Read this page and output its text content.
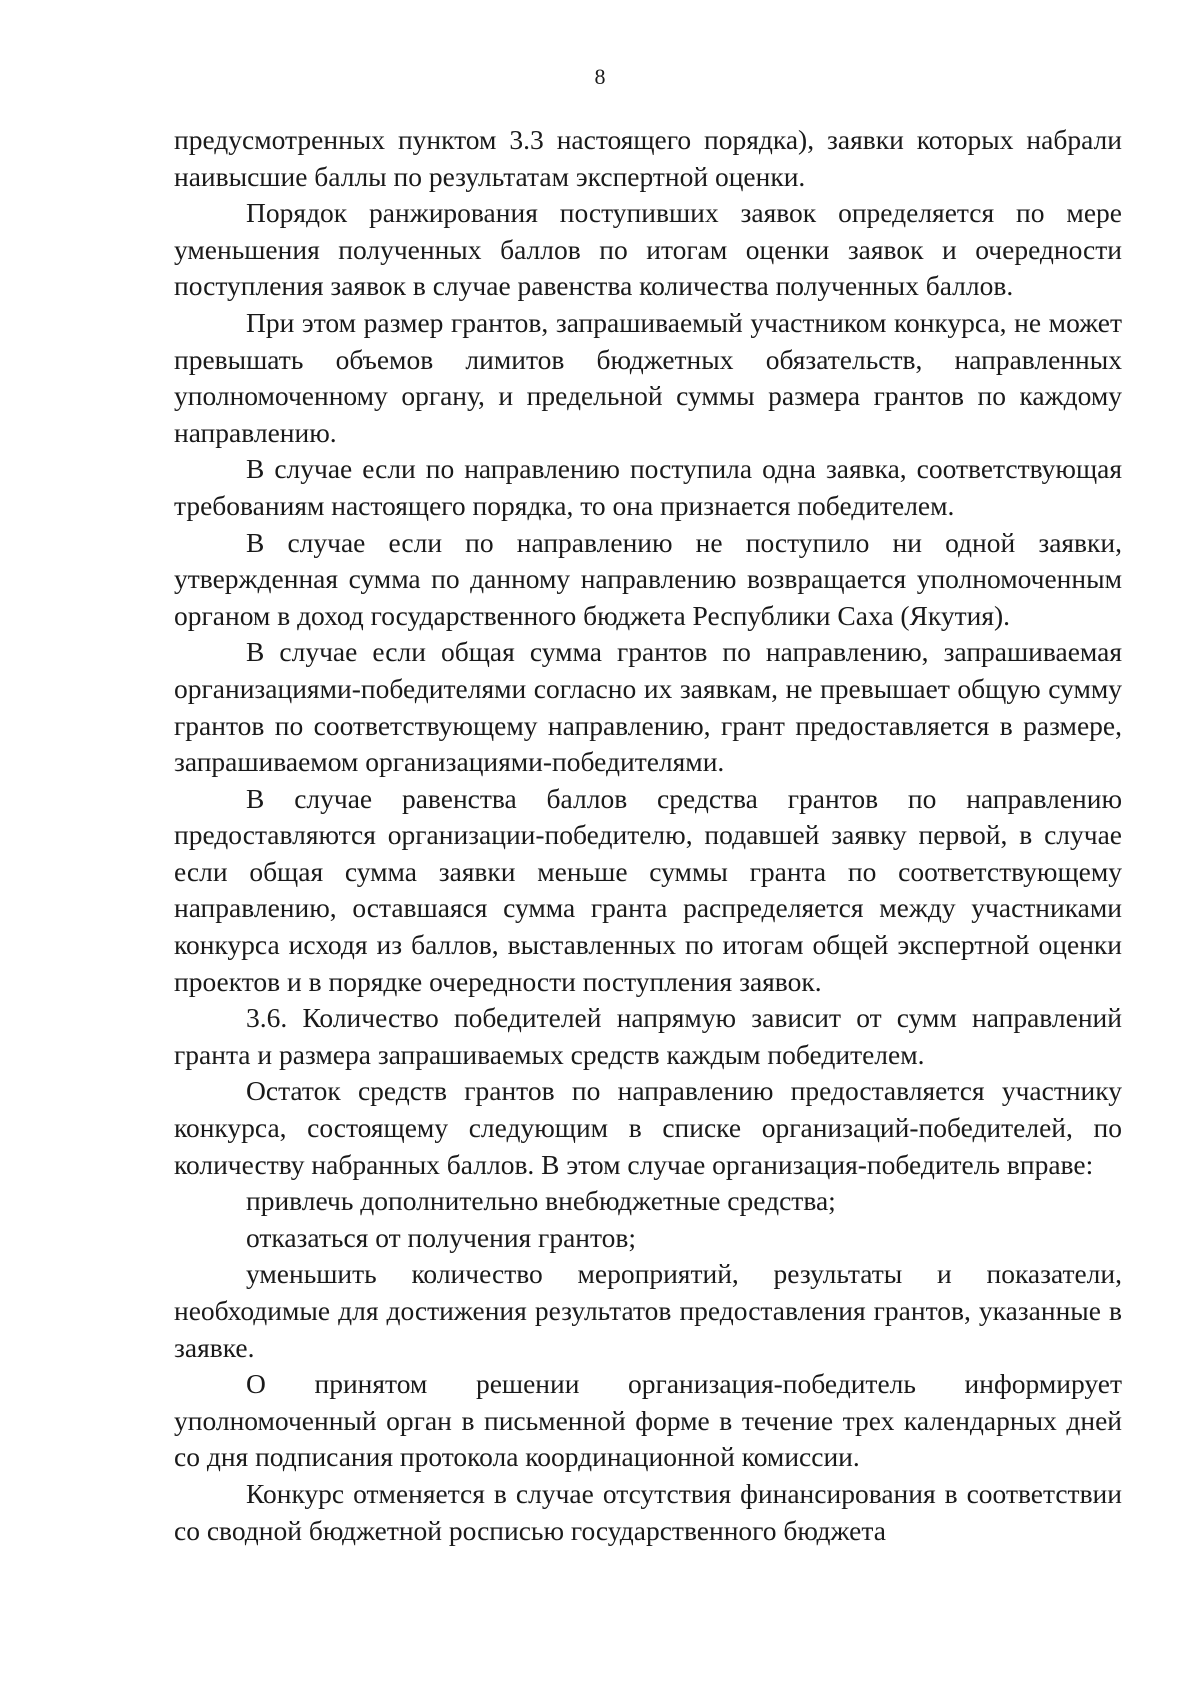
8

предусмотренных пунктом 3.3 настоящего порядка), заявки которых набрали наивысшие баллы по результатам экспертной оценки.

Порядок ранжирования поступивших заявок определяется по мере уменьшения полученных баллов по итогам оценки заявок и очередности поступления заявок в случае равенства количества полученных баллов.

При этом размер грантов, запрашиваемый участником конкурса, не может превышать объемов лимитов бюджетных обязательств, направленных уполномоченному органу, и предельной суммы размера грантов по каждому направлению.

В случае если по направлению поступила одна заявка, соответствующая требованиям настоящего порядка, то она признается победителем.

В случае если по направлению не поступило ни одной заявки, утвержденная сумма по данному направлению возвращается уполномоченным органом в доход государственного бюджета Республики Саха (Якутия).

В случае если общая сумма грантов по направлению, запрашиваемая организациями-победителями согласно их заявкам, не превышает общую сумму грантов по соответствующему направлению, грант предоставляется в размере, запрашиваемом организациями-победителями.

В случае равенства баллов средства грантов по направлению предоставляются организации-победителю, подавшей заявку первой, в случае если общая сумма заявки меньше суммы гранта по соответствующему направлению, оставшаяся сумма гранта распределяется между участниками конкурса исходя из баллов, выставленных по итогам общей экспертной оценки проектов и в порядке очередности поступления заявок.

3.6. Количество победителей напрямую зависит от сумм направлений гранта и размера запрашиваемых средств каждым победителем.

Остаток средств грантов по направлению предоставляется участнику конкурса, состоящему следующим в списке организаций-победителей, по количеству набранных баллов. В этом случае организация-победитель вправе:

привлечь дополнительно внебюджетные средства;

отказаться от получения грантов;

уменьшить количество мероприятий, результаты и показатели, необходимые для достижения результатов предоставления грантов, указанные в заявке.

О принятом решении организация-победитель информирует уполномоченный орган в письменной форме в течение трех календарных дней со дня подписания протокола координационной комиссии.

Конкурс отменяется в случае отсутствия финансирования в соответствии со сводной бюджетной росписью государственного бюджета
